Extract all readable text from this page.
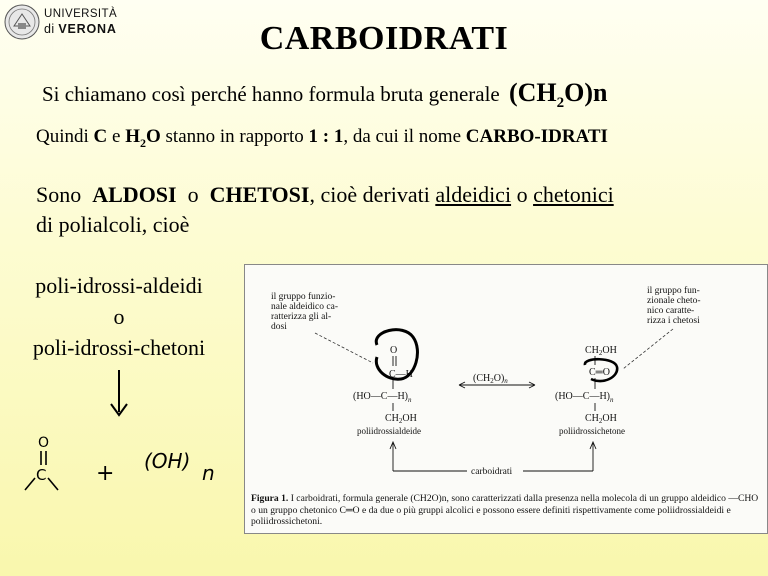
UNIVERSITÀ
di VERONA	CARBOIDRATI
Si chiamano così perché hanno formula bruta generale $(CH_2O)n$
Quindi C e $H_2O$ stanno in rapporto 1 : 1, da cui il nome CARBO-IDRATI
Sono ALDOSI o CHETOSI, cioè derivati aldeidici o chetonici
di polialcoli, cioè
poli-idrossi-aldeidi
o
poli-idrossi-chetoni
O
C + (OH) n
il gruppo funzio-
nale aldeidico ca-
ratterizza gli al-
dosi
il gruppo fun-
zionale cheto-
nico caratte-
rizza i chetosi
O
C—H
(HO—C—H) n
$CH_2OH$
poliidrossialdeide
$(CH_2O)_n$
$CH_2OH$
C═O
(HO—C—H) n
$CH_2OH$
poliidrossichetone
carboidrati
Figura 1. I carboidrati, formula generale (CH2O)n, sono caratterizzati dalla presenza nella molecola di un gruppo aldeidico —CHO o un gruppo chetonico C═O e da due o più gruppi alcolici e possono essere definiti rispettivamente come poliidrossialdeidi e poliidrossichetoni.
